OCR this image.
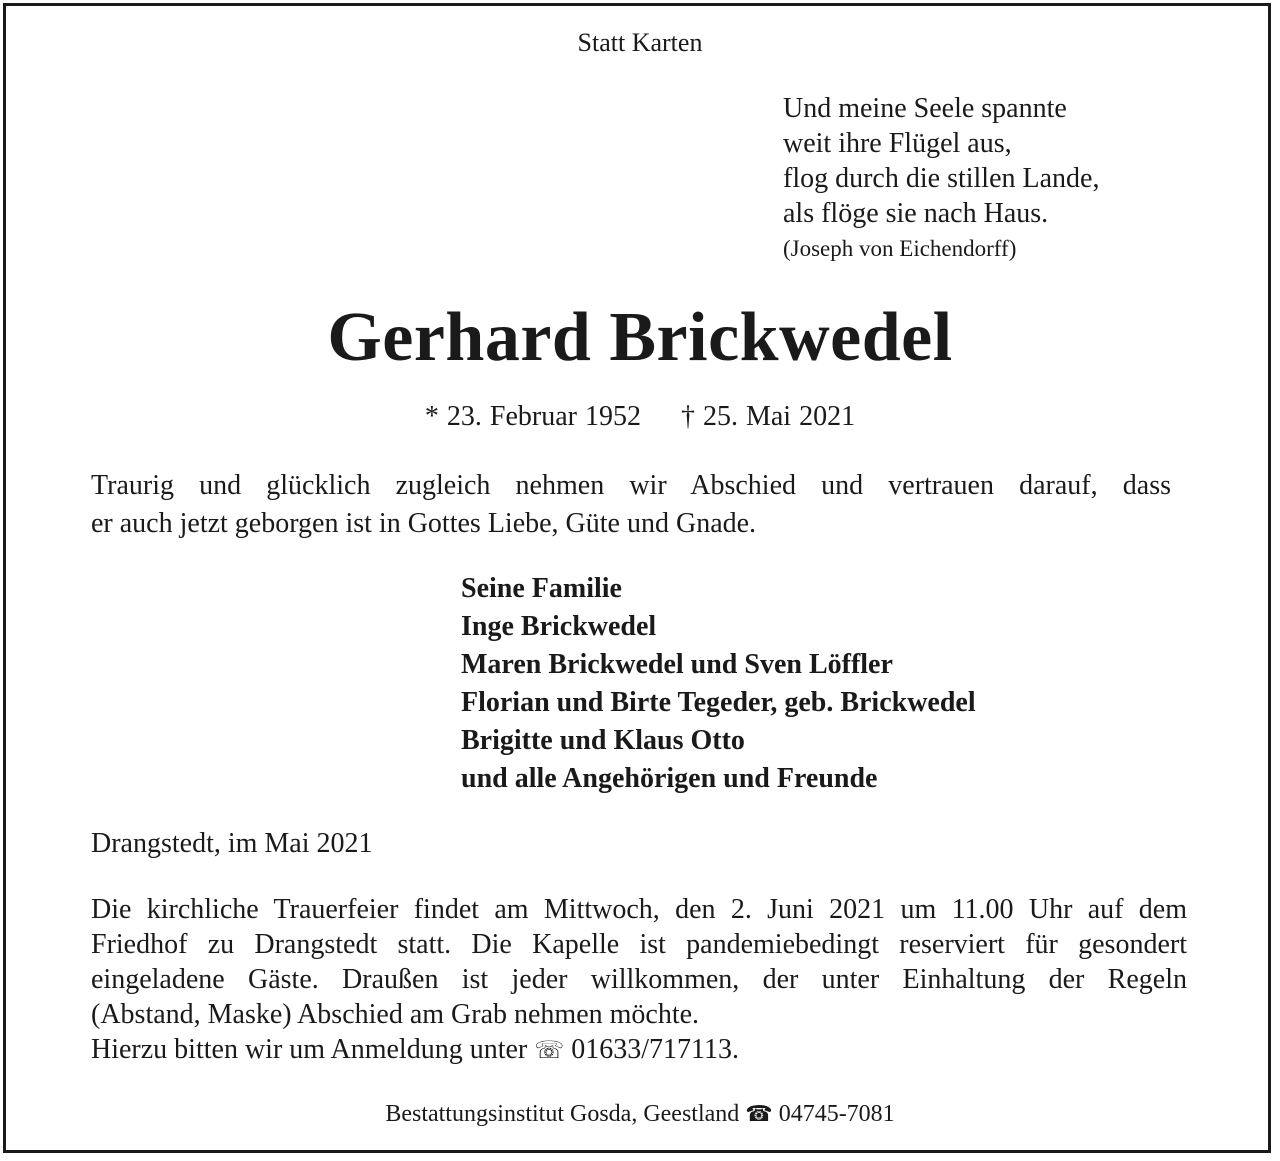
Statt Karten

Und meine Seele spannte
weit ihre Flügel aus,
flog durch die stillen Lande,
als flöge sie nach Haus.
(Joseph von Eichendorff)
Gerhard Brickwedel

* 23. Februar 1952 † 25. Mai 2021

Traurig und glücklich zugleich nehmen wir Abschied und vertrauen darauf, dass
er auch jetzt geborgen ist in Gottes Liebe, Güte und Gnade.

Seine Familie
Inge Brickwedel
Maren Brickwedel und Sven Löffler
Florian und Birte Tegeder, geb. Brickwedel
Brigitte und Klaus Otto
und alle Angehörigen und Freunde

Drangstedt, im Mai 2021

Die kirchliche Trauerfeier findet am Mittwoch, den 2. Juni 2021 um 11.00 Uhr auf dem
Friedhof zu Drangstedt statt. Die Kapelle ist pandemiebedingt reserviert für gesondert
eingeladene Gäste. Draußen ist jeder willkommen, der unter Einhaltung der Regeln
(Abstand, Maske) Abschied am Grab nehmen möchte.
Hierzu bitten wir um Anmeldung unter ☏ 01633/717113.

Bestattungsinstitut Gosda, Geestland ☎ 04745-7081
